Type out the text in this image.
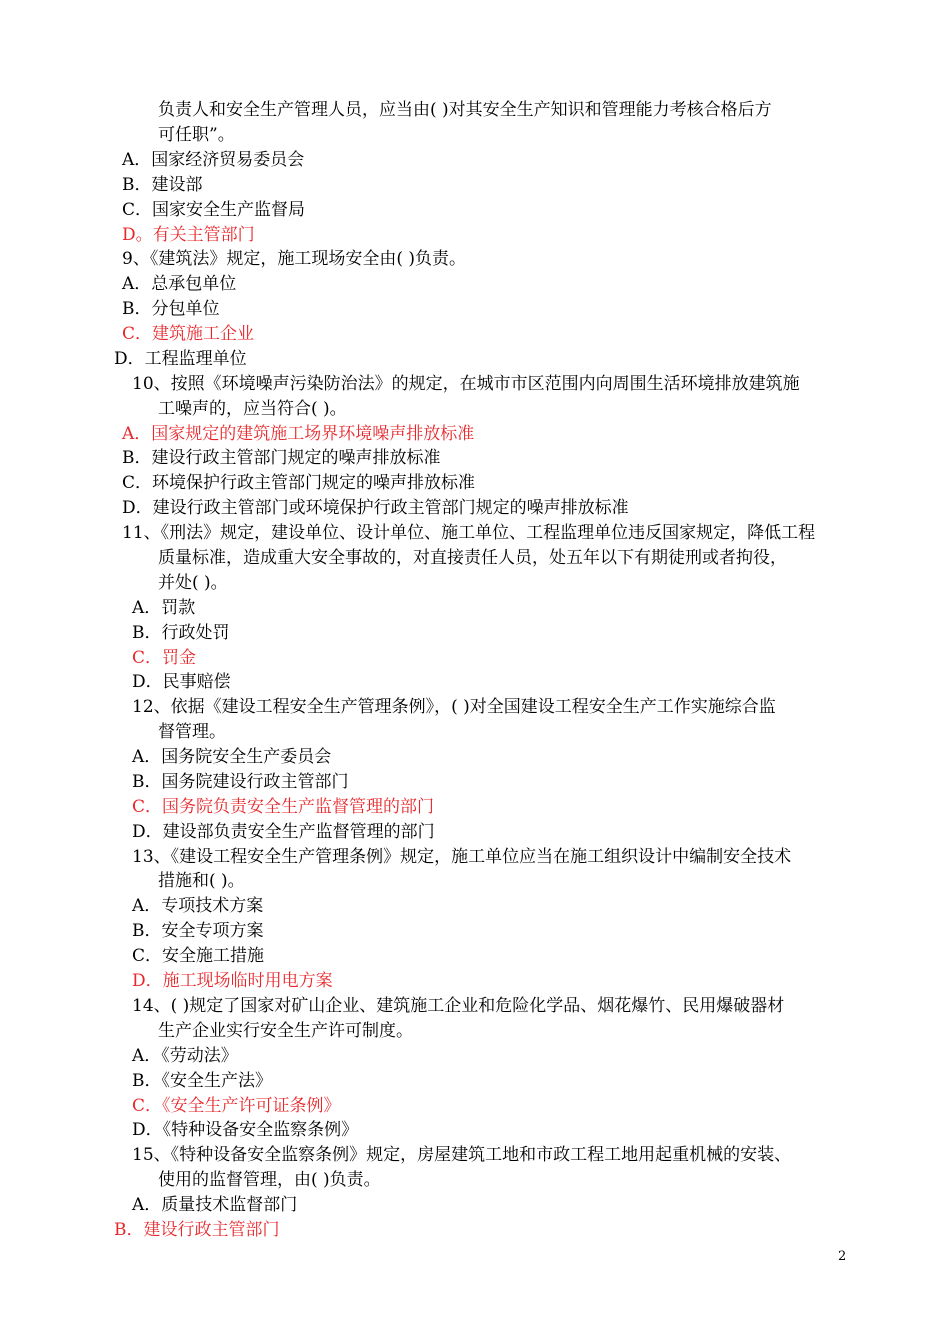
负责人和安全生产管理人员，应当由( )对其安全生产知识和管理能力考核合格后方
可任职”。
A．国家经济贸易委员会
B．建设部
C．国家安全生产监督局
D。有关主管部门
9、《建筑法》规定，施工现场安全由( )负责。
A．总承包单位
B．分包单位
C．建筑施工企业
D．工程监理单位
10、按照《环境噪声污染防治法》的规定，在城市市区范围内向周围生活环境排放建筑施
工噪声的，应当符合( )。
A．国家规定的建筑施工场界环境噪声排放标准
B．建设行政主管部门规定的噪声排放标准
C．环境保护行政主管部门规定的噪声排放标准
D．建设行政主管部门或环境保护行政主管部门规定的噪声排放标准
11、《刑法》规定，建设单位、设计单位、施工单位、工程监理单位违反国家规定，降低工程
质量标准，造成重大安全事故的，对直接责任人员，处五年以下有期徒刑或者拘役，
并处( )。
A．罚款
B．行政处罚
C．罚金
D．民事赔偿
12、依据《建设工程安全生产管理条例》，( )对全国建设工程安全生产工作实施综合监
督管理。
A．国务院安全生产委员会
B．国务院建设行政主管部门
C．国务院负责安全生产监督管理的部门
D．建设部负责安全生产监督管理的部门
13、《建设工程安全生产管理条例》规定，施工单位应当在施工组织设计中编制安全技术
措施和( )。
A．专项技术方案
B．安全专项方案
C．安全施工措施
D．施工现场临时用电方案
14、( )规定了国家对矿山企业、建筑施工企业和危险化学品、烟花爆竹、民用爆破器材
生产企业实行安全生产许可制度。
A．《劳动法》
B．《安全生产法》
C．《安全生产许可证条例》
D．《特种设备安全监察条例》
15、《特种设备安全监察条例》规定，房屋建筑工地和市政工程工地用起重机械的安装、
使用的监督管理，由( )负责。
A．质量技术监督部门
B．建设行政主管部门
2
